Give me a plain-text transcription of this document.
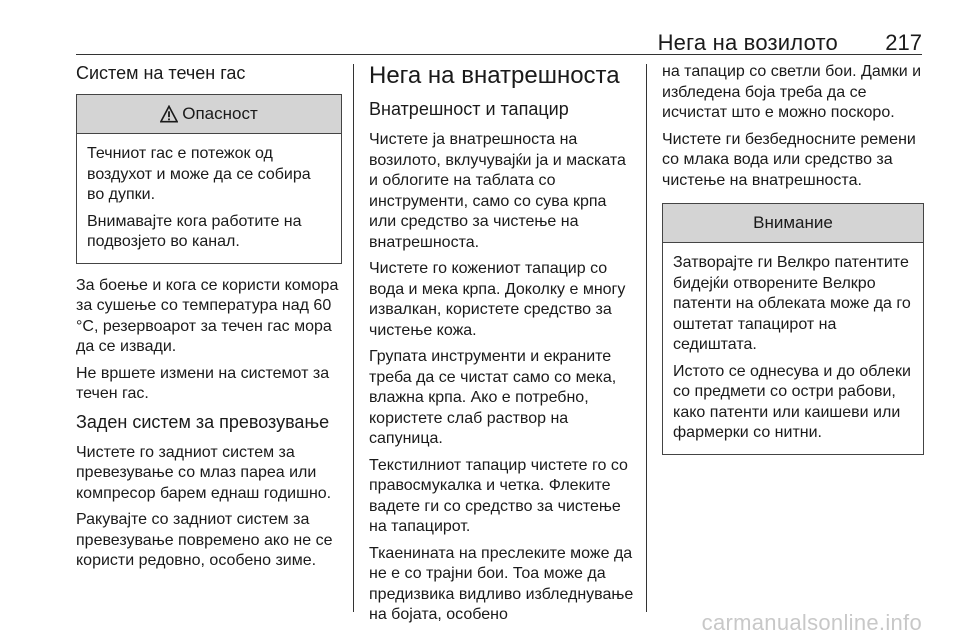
Нега на возилото 217
Систем на течен гас
Опасност

Течниот гас е потежок од воздухот и може да се собира во дупки.

Внимавајте кога работите на подвозјето во канал.

За боење и кога се користи комора за сушење со температура над 60 °C, резервоарот за течен гас мора да се извади.

Не вршете измени на системот за течен гас.

Заден систем за превозување

Чистете го задниот систем за превезување со млаз пареа или компресор барем еднаш годишно.

Ракувајте со задниот систем за превезување повремено ако не се користи редовно, особено зиме.

Нега на внатрешноста
Внатрешност и тапацир

Чистете ја внатрешноста на возилото, вклучувајќи ја и маската и облогите на таблата со инструменти, само со сува крпа или средство за чистење на внатрешноста.

Чистете го кожениот тапацир со вода и мека крпа. Доколку е многу извалкан, користете средство за чистење кожа.

Групата инструменти и екраните треба да се чистат само со мека, влажна крпа. Ако е потребно, користете слаб раствор на сапуница.

Текстилниот тапацир чистете го со правосмукалка и четка. Флеките вадете ги со средство за чистење на тапацирот.

Ткаенината на преслеките може да не е со трајни бои. Тоа може да предизвика видливо избледнување на бојата, особено

на тапацир со светли бои. Дамки и избледена боја треба да се исчистат што е можно поскоро.

Чистете ги безбедносните ремени со млака вода или средство за чистење на внатрешноста.

Внимание

Затворајте ги Велкро патентите бидејќи отворените Велкро патенти на облеката може да го оштетат тапацирот на седиштата.

Истото се однесува и до облеки со предмети со остри рабови, како патенти или каишеви или фармерки со нитни.

carmanualsonline.info
